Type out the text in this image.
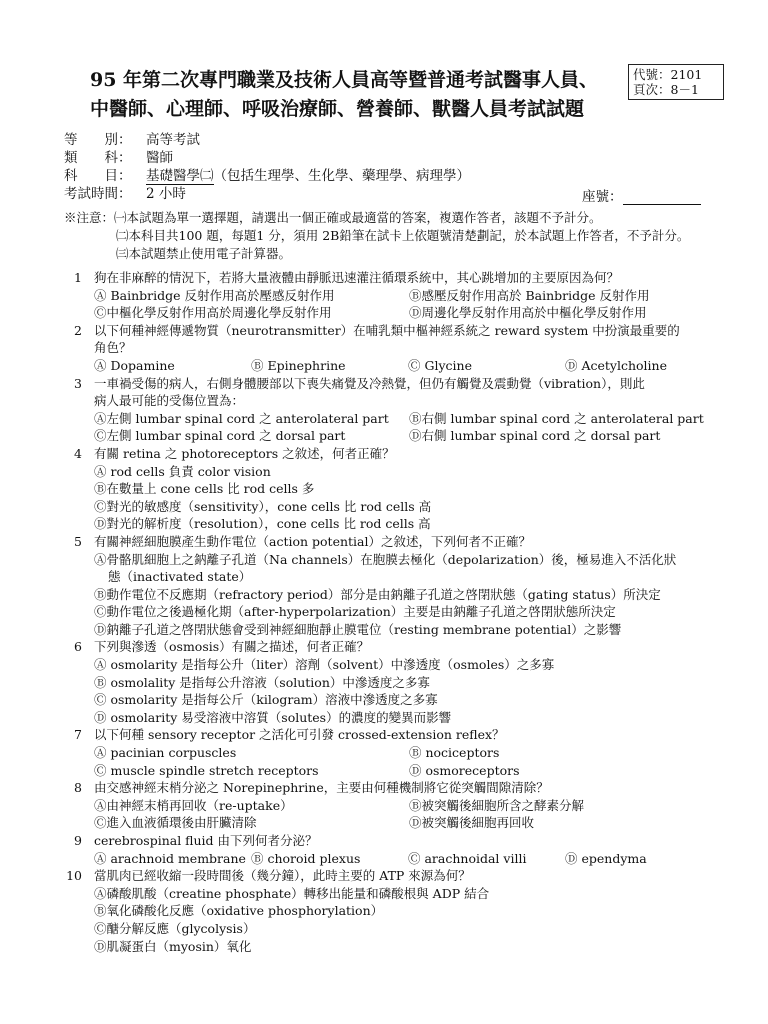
95 年第二次專門職業及技術人員高等暨普通考試醫事人員、
中醫師、心理師、呼吸治療師、營養師、獸醫人員考試試題
代號：2101
頁次：8－1
等　　別： 高等考試
類　　科： 醫師
科　　目： 基礎醫學㈡（包括生理學、生化學、藥理學、病理學）
考試時間： 2 小時	座號：
※注意：㈠本試題為單一選擇題，請選出一個正確或最適當的答案，複選作答者，該題不予計分。
㈡本科目共100 題，每題1 分，須用 2B鉛筆在試卡上依題號清楚劃記，於本試題上作答者，不予計分。
㈢本試題禁止使用電子計算器。
1 狗在非麻醉的情況下，若將大量液體由靜脈迅速灌注循環系統中，其心跳增加的主要原因為何？
Ⓐ Bainbridge 反射作用高於壓感反射作用	Ⓑ感壓反射作用高於 Bainbridge 反射作用
Ⓒ中樞化學反射作用高於周邊化學反射作用	Ⓓ周邊化學反射作用高於中樞化學反射作用
2 以下何種神經傳遞物質（neurotransmitter）在哺乳類中樞神經系統之 reward system 中扮演最重要的
角色？
Ⓐ Dopamine	Ⓑ Epinephrine	Ⓒ Glycine	Ⓓ Acetylcholine
3 一車禍受傷的病人，右側身體腰部以下喪失痛覺及冷熱覺，但仍有觸覺及震動覺（vibration），則此
病人最可能的受傷位置為：
Ⓐ左側 lumbar spinal cord 之 anterolateral part	Ⓑ右側 lumbar spinal cord 之 anterolateral part
Ⓒ左側 lumbar spinal cord 之 dorsal part	Ⓓ右側 lumbar spinal cord 之 dorsal part
4 有關 retina 之 photoreceptors 之敘述，何者正確？
Ⓐ rod cells 負責 color vision
Ⓑ在數量上 cone cells 比 rod cells 多
Ⓒ對光的敏感度（sensitivity），cone cells 比 rod cells 高
Ⓓ對光的解析度（resolution），cone cells 比 rod cells 高
5 有關神經細胞膜產生動作電位（action potential）之敘述，下列何者不正確？
Ⓐ骨骼肌細胞上之鈉離子孔道（Na channels）在胞膜去極化（depolarization）後，極易進入不活化狀
態（inactivated state）
Ⓑ動作電位不反應期（refractory period）部分是由鈉離子孔道之啓閉狀態（gating status）所決定
Ⓒ動作電位之後過極化期（after-hyperpolarization）主要是由鈉離子孔道之啓閉狀態所決定
Ⓓ鈉離子孔道之啓閉狀態會受到神經細胞靜止膜電位（resting membrane potential）之影響
6 下列與滲透（osmosis）有關之描述，何者正確？
Ⓐ osmolarity 是指每公升（liter）溶劑（solvent）中滲透度（osmoles）之多寡
Ⓑ osmolality 是指每公升溶液（solution）中滲透度之多寡
Ⓒ osmolarity 是指每公斤（kilogram）溶液中滲透度之多寡
Ⓓ osmolarity 易受溶液中溶質（solutes）的濃度的變異而影響
7 以下何種 sensory receptor 之活化可引發 crossed-extension reflex？
Ⓐ pacinian corpuscles	Ⓑ nociceptors
Ⓒ muscle spindle stretch receptors	Ⓓ osmoreceptors
8 由交感神經末梢分泌之 Norepinephrine，主要由何種機制將它從突觸間隙清除？
Ⓐ由神經末梢再回收（re-uptake）	Ⓑ被突觸後細胞所含之酵素分解
Ⓒ進入血液循環後由肝臟清除	Ⓓ被突觸後細胞再回收
9 cerebrospinal fluid 由下列何者分泌？
Ⓐ arachnoid membrane Ⓑ choroid plexus	Ⓒ arachnoidal villi	Ⓓ ependyma
10 當肌肉已經收縮一段時間後（幾分鐘），此時主要的 ATP 來源為何？
Ⓐ磷酸肌酸（creatine phosphate）轉移出能量和磷酸根與 ADP 結合
Ⓑ氧化磷酸化反應（oxidative phosphorylation）
Ⓒ醣分解反應（glycolysis）
Ⓓ肌凝蛋白（myosin）氧化
